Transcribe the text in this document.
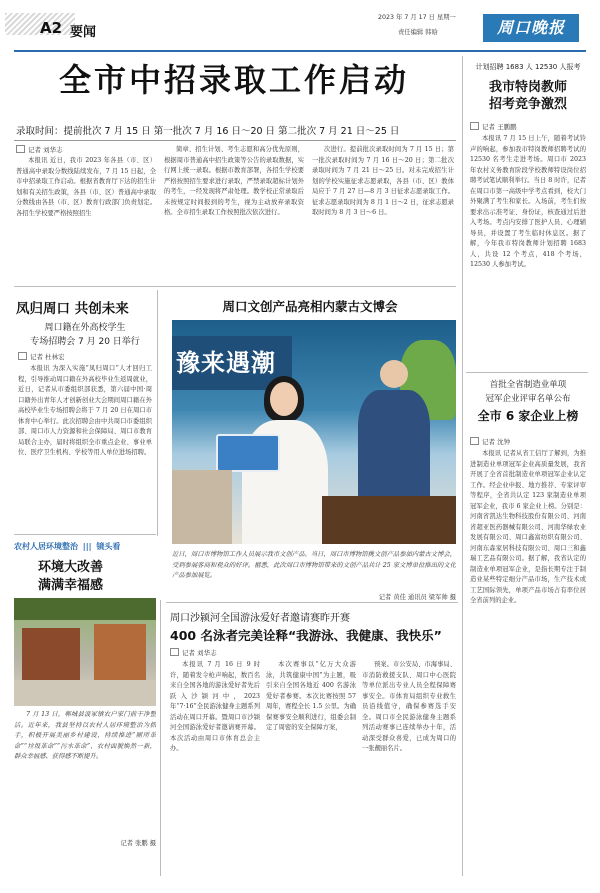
A2 要闻
2023 年 7 月 17 日 星期一
责任编辑 韩晗	周口晚报
全市中招录取工作启动
录取时间：提前批次 7 月 15 日 第一批次 7 月 16 日～20 日 第二批次 7 月 21 日～25 日
记者 刘华志
本报讯 近日，我市 2023 年各县（市、区）普通高中录取分数线陆续发布，7 月 15 日起，全市中招录取工作启动。根据省教育厅下达的招生计划和有关招生政策，各县（市、区）普通高中录取分数线由各县（市、区）教育行政部门负责划定。各招生学校要严格按照招生
简章、招生计划、考生志愿和高分优先原则，根据周市普通高中招生政策等公告的录取数据，实行网上统一录取。根据市教育部署，各招生学校要严格按照招生要求进行录取，严禁录取超标计划外的考生，一经发现将严肃处理。教学校正常录取后未按规定时间报到的考生，视为主动放弃录取资格。全市招生录取工作按照批次依次进行。
次进行。提前批次录取时间为 7 月 15 日；第一批次录取时间为 7 月 16 日～20 日；第二批次录取时间为 7 月 21 日～25 日。对未完成招生计划的学校实施征求志愿录取，各县（市、区）教体局应于 7 月 27 日—8 月 3 日征求志愿录取工作。征求志愿录取时间为 8 月 1 日～2 日，征求志愿录取时间为 8 月 3 日～6 日。
计划招聘 1683 人 12530 人报考
我市特岗教师
招考竞争激烈
记者 王鹏鹏
本报讯 7 月 15 日上午，随着考试铃声的响起，参加我市特岗教师招聘考试的 12530 名考生走进考场。周口市 2023 年农村义务教育阶段学校教师特设岗位招聘考试笔试顺利举行。当日 8 时许，记者在周口市第一高级中学考点看到，校大门外聚满了考生和家长。入场前，考生们按要求出示准考证、身份证，核查通过后进入考场。考点内安排了医护人员、心理辅导员，并设置了考生临时休息区。据了解，今年我市特岗教师计划招聘 1683 人，共设 12 个考点，418 个考场，12530 人参加考试。
首批全省制造业单项
冠军企业评审名单公布
全市 6 家企业上榜
记者 沈钟
本报讯 记者从省工信厅了解到，为推进制造业单项冠军企业高质量发展，我省开展了全省首批制造业单项冠军企业认定工作。经企业申报、地方推荐、专家评审等程序，全省共认定 123 家制造业单项冠军企业，我市 6 家企业上榜。分别是：河南省凯达生物科技股份有限公司、河南省超亚医药器械有限公司、河南华绿农业发展有限公司、周口鑫富纺织有限公司、河南东森家居科技有限公司、周口三和鑫瑞工艺品有限公司。据了解，我省认定的制造业单项冠军企业，是指长期专注于制造业某些特定细分产品市场，生产技术或工艺国际领先，单项产品市场占有率位居全省前列的企业。
凤归周口 共创未来
周口籍在外高校学生
专场招聘会 7 月 20 日举行
记者 杜林宏
本报讯 为深入实施“凤归周口”人才回归工程，引导推动周口籍在外高校毕业生返周就业，近日，记者从市委组织部获悉，第六届中国·周口籍外出青年人才创新创业大会期间周口籍在外高校毕业生专场招聘会将于 7 月 20 日在周口市体育中心举行。此次招聘会由中共周口市委组织部、周口市人力资源和社会保障局、周口市教育局联合主办，届时将组织全市重点企业、事业单位、医疗卫生机构、学校等用人单位进场招聘。
周口文创产品亮相内蒙古文博会
豫来遇潮
近日，周口市博物馆工作人员展示我市文创产品。当日，周口市博物馆携文创产品参加内蒙古文博会，受到参展客商和观众的好评。据悉，此次周口市博物馆带来的文创产品共计 25 家文博单位推出的文化产品参加展览。
记者 黄佳 通讯员 梁军帅 摄
农村人居环境整治 ||| 镜头看
环境大改善
满满幸福感
7 月 13 日，郸城县汲冢镇农户家门前干净整洁。近年来，我县坚持以农村人居环境整治为抓手，积极开展美丽乡村建设，持续推进“厕所革命”“垃圾革命”“污水革命”，农村面貌焕然一新，群众幸福感、获得感不断提升。
记者 张鹏 摄
周口沙颍河全国游泳爱好者邀请赛昨开赛
400 名泳者完美诠释“我游泳、我健康、我快乐”
记者 刘华志
本报讯 7 月 16 日 9 时许，随着发令枪声响起，数百名来自全国各地的游泳爱好者先后跃入沙颍河中，2023 年“7·16”全民游泳健身主题系列活动在周口开幕。暨周口市沙颍河全国游泳爱好者邀请赛开幕。本次活动由周口市体育总会主办。
本次赛事以“亿万大众游泳，共筑健康中国”为主题，吸引来自全国各地近 400 名游泳爱好者参赛。本次比赛按照 57 周年，赛程全长 1.5 公里。为确保赛事安全顺利进行，组委会制定了周密的安全保障方案，
预案。市公安局、市海事局、市消防救援支队、周口中心医院等单位派出专业人员全程保障赛事安全。市体育局组织专业救生员沿线值守，确保参赛选手安全。周口市全民游泳健身主题系列活动赛事已连续举办十年，活动深受群众喜爱，已成为周口的一张靓丽名片。
